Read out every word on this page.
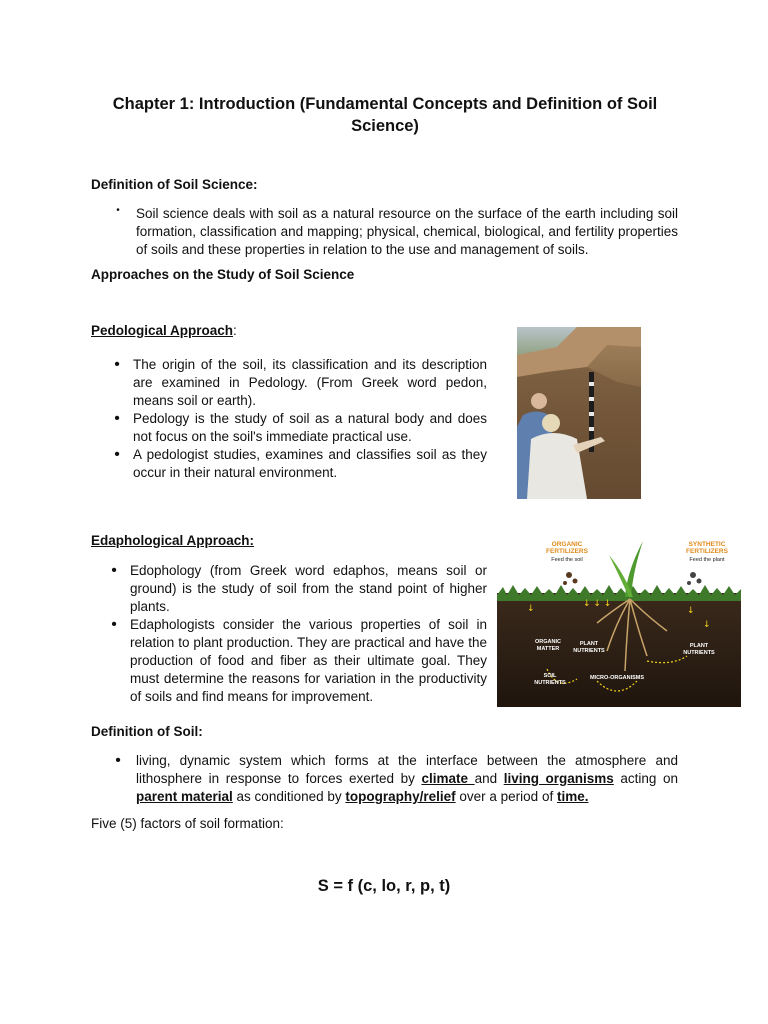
Chapter 1: Introduction (Fundamental Concepts and Definition of Soil Science)

Definition of Soil Science:

•	Soil science deals with soil as a natural resource on the surface of the earth including soil formation, classification and mapping; physical, chemical, biological, and fertility properties of soils and these properties in relation to the use and management of soils.

Approaches on the Study of Soil Science

Pedological Approach:

• The origin of the soil, its classification and its description are examined in Pedology. (From Greek word pedon, means soil or earth).

• Pedology is the study of soil as a natural body and does not focus on the soil's immediate practical use.

• A pedologist studies, examines and classifies soil as they occur in their natural environment.

Edaphological Approach:

• Edophology (from Greek word edaphos, means soil or ground) is the study of soil from the stand point of higher plants.

• Edaphologists consider the various properties of soil in relation to plant production. They are practical and have the production of food and fiber as their ultimate goal. They must determine the reasons for variation in the productivity of soils and find means for improvement.

↓ ↓ ↓
↓	↓
↓
ORGANIC FERTILIZERS
Feed the soil
SYNTHETIC FERTILIZERS
Feed the plant
ORGANIC MATTER
PLANT NUTRIENTS
PLANT NUTRIENTS
SOIL NUTRIENTS
MICRO-ORGANISMS

Definition of Soil:

•	living, dynamic system which forms at the interface between the atmosphere and lithosphere in response to forces exerted by climate and living organisms acting on parent material as conditioned by topography/relief over a period of time.

Five (5) factors of soil formation:

S = f (c, lo, r, p, t)
